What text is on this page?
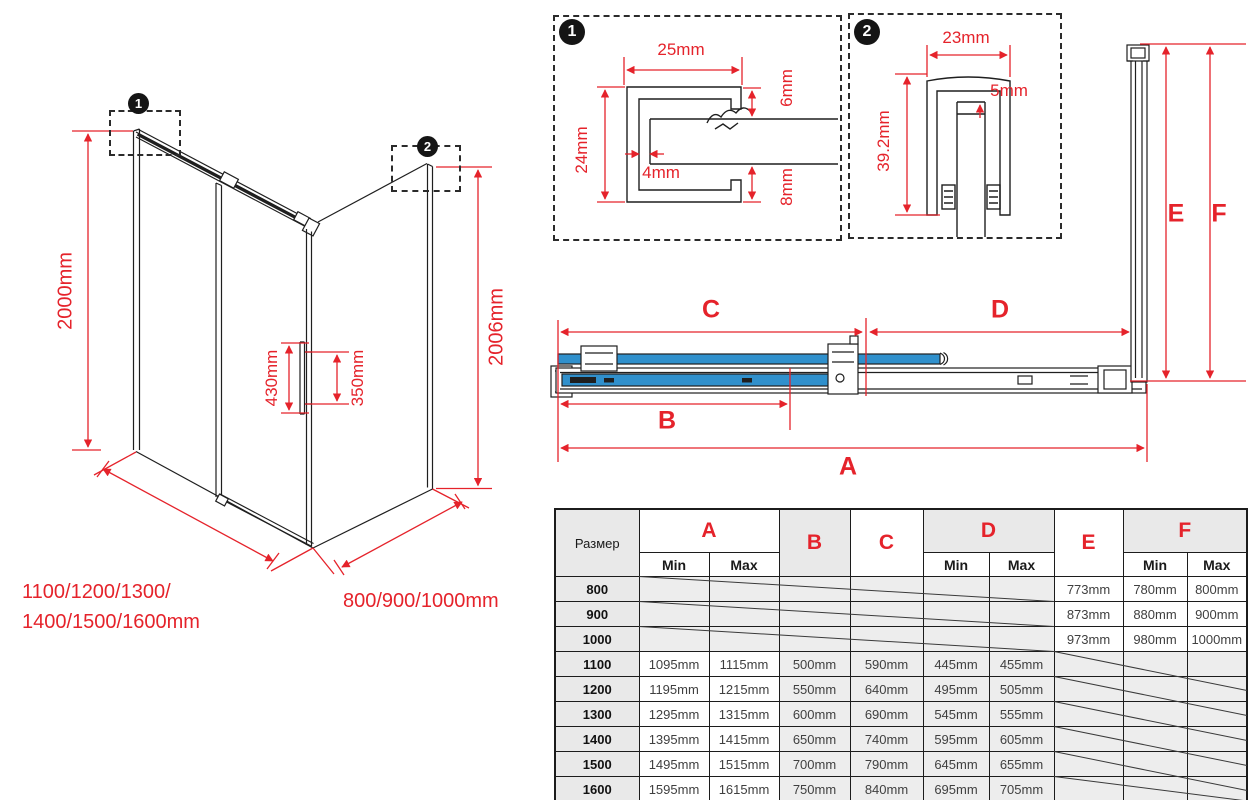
1
2
2000mm	2006mm
430mm	350mm
1100/1200/1300/
1400/1500/1600mm
800/900/1000mm
1
25mm
24mm	4mm
6mm
8mm
2	23mm
5mm
39.2mm
C	D
B
A
E F
Размер	A		B	C	D		E	F	
	Min	Max			Min	Max		Min	Max
800							773mm	780mm	800mm
900							873mm	880mm	900mm
1000							973mm	980mm	1000mm
1100	1095mm	1115mm	500mm	590mm	445mm	455mm			
1200	1195mm	1215mm	550mm	640mm	495mm	505mm			
1300	1295mm	1315mm	600mm	690mm	545mm	555mm			
1400	1395mm	1415mm	650mm	740mm	595mm	605mm			
1500	1495mm	1515mm	700mm	790mm	645mm	655mm			
1600	1595mm	1615mm	750mm	840mm	695mm	705mm			
